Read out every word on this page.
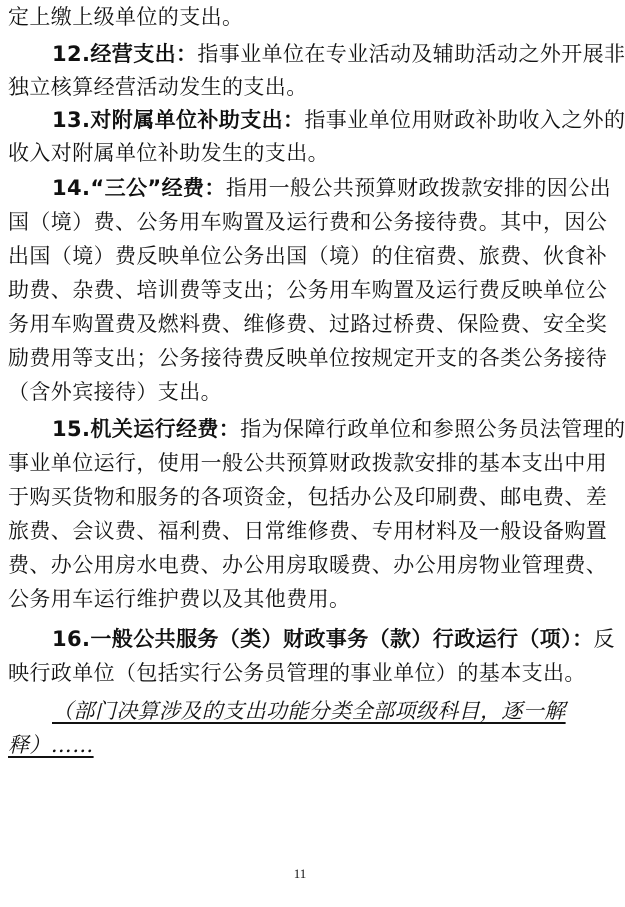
定上缴上级单位的支出。
12.经营支出：指事业单位在专业活动及辅助活动之外开展非
独立核算经营活动发生的支出。
13.对附属单位补助支出：指事业单位用财政补助收入之外的
收入对附属单位补助发生的支出。
14.“三公”经费：指用一般公共预算财政拨款安排的因公出
国（境）费、公务用车购置及运行费和公务接待费。其中，因公
出国（境）费反映单位公务出国（境）的住宿费、旅费、伙食补
助费、杂费、培训费等支出；公务用车购置及运行费反映单位公
务用车购置费及燃料费、维修费、过路过桥费、保险费、安全奖
励费用等支出；公务接待费反映单位按规定开支的各类公务接待
（含外宾接待）支出。
15.机关运行经费：指为保障行政单位和参照公务员法管理的
事业单位运行，使用一般公共预算财政拨款安排的基本支出中用
于购买货物和服务的各项资金，包括办公及印刷费、邮电费、差
旅费、会议费、福利费、日常维修费、专用材料及一般设备购置
费、办公用房水电费、办公用房取暖费、办公用房物业管理费、
公务用车运行维护费以及其他费用。
16.一般公共服务（类）财政事务（款）行政运行（项）：反
映行政单位（包括实行公务员管理的事业单位）的基本支出。
（部门决算涉及的支出功能分类全部项级科目，逐一解
释）……
11
